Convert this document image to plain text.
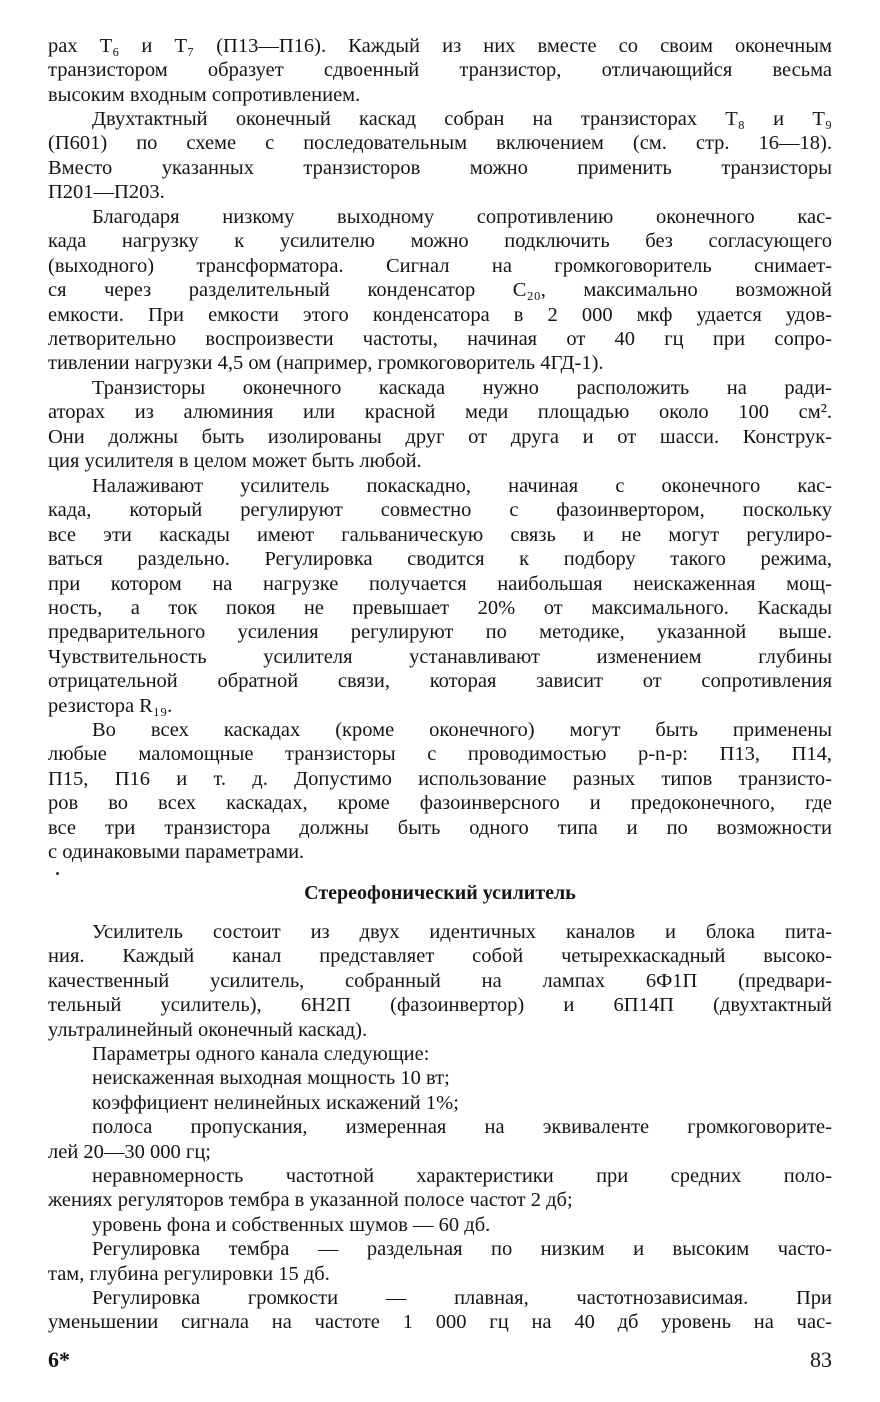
рах T₆ и T₇ (П13—П16). Каждый из них вместе со своим оконечным
транзистором образует сдвоенный транзистор, отличающийся весьма
высоким входным сопротивлением.
Двухтактный оконечный каскад собран на транзисторах T₈ и T₉
(П601) по схеме с последовательным включением (см. стр. 16—18).
Вместо указанных транзисторов можно применить транзисторы
П201—П203.
Благодаря низкому выходному сопротивлению оконечного кас-
када нагрузку к усилителю можно подключить без согласующего
(выходного) трансформатора. Сигнал на громкоговоритель снимает-
ся через разделительный конденсатор C₂₀, максимально возможной
емкости. При емкости этого конденсатора в 2 000 мкф удается удов-
летворительно воспроизвести частоты, начиная от 40 гц при сопро-
тивлении нагрузки 4,5 ом (например, громкоговоритель 4ГД-1).
Транзисторы оконечного каскада нужно расположить на ради-
аторах из алюминия или красной меди площадью около 100 см².
Они должны быть изолированы друг от друга и от шасси. Конструк-
ция усилителя в целом может быть любой.
Налаживают усилитель покаскадно, начиная с оконечного кас-
када, который регулируют совместно с фазоинвертором, поскольку
все эти каскады имеют гальваническую связь и не могут регулиро-
ваться раздельно. Регулировка сводится к подбору такого режима,
при котором на нагрузке получается наибольшая неискаженная мощ-
ность, а ток покоя не превышает 20% от максимального. Каскады
предварительного усиления регулируют по методике, указанной выше.
Чувствительность усилителя устанавливают изменением глубины
отрицательной обратной связи, которая зависит от сопротивления
резистора R₁₉.
Во всех каскадах (кроме оконечного) могут быть применены
любые маломощные транзисторы с проводимостью p-n-p: П13, П14,
П15, П16 и т. д. Допустимо использование разных типов транзисто-
ров во всех каскадах, кроме фазоинверсного и предоконечного, где
все три транзистора должны быть одного типа и по возможности
с одинаковыми параметрами.
Усилитель состоит из двух идентичных каналов и блока пита-
ния. Каждый канал представляет собой четырехкаскадный высоко-
качественный усилитель, собранный на лампах 6Ф1П (предвари-
тельный усилитель), 6Н2П (фазоинвертор) и 6П14П (двухтактный
ультралинейный оконечный каскад).
Стереофонический усилитель
Параметры одного канала следующие:
неискаженная выходная мощность 10 вт;
коэффициент нелинейных искажений 1%;
полоса пропускания, измеренная на эквиваленте громкоговорите-
лей 20—30 000 гц;
неравномерность частотной характеристики при средних поло-
жениях регуляторов тембра в указанной полосе частот 2 дб;
уровень фона и собственных шумов — 60 дб.
Регулировка тембра — раздельная по низким и высоким часто-
там, глубина регулировки 15 дб.
Регулировка громкости — плавная, частотнозависимая. При
уменьшении сигнала на частоте 1 000 гц на 40 дб уровень на час-
6*	83
